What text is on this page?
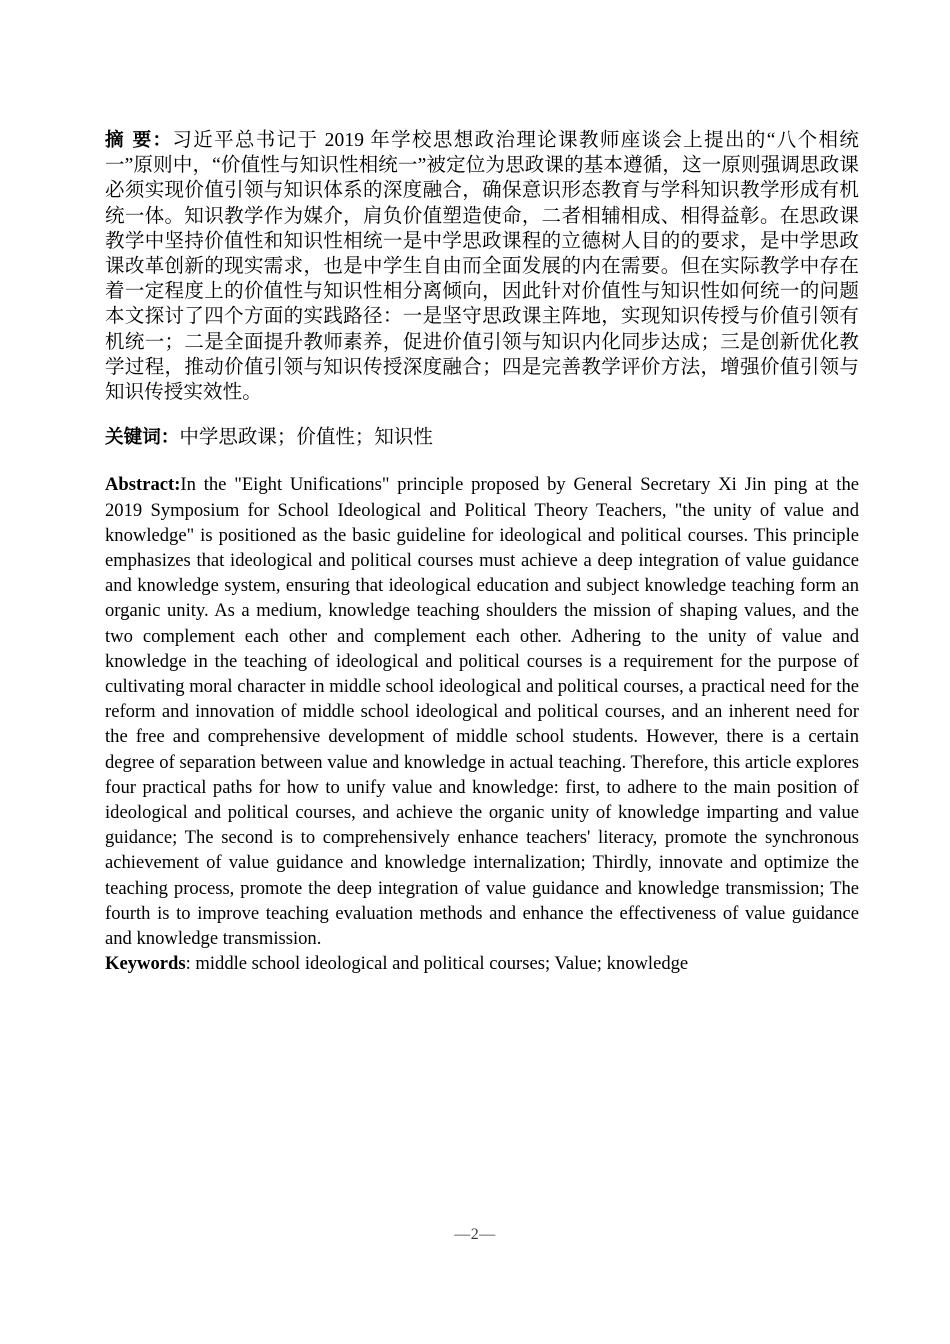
摘 要：习近平总书记于 2019 年学校思想政治理论课教师座谈会上提出的“八个相统一”原则中，“价值性与知识性相统一”被定位为思政课的基本遵循，这一原则强调思政课必须实现价值引领与知识体系的深度融合，确保意识形态教育与学科知识教学形成有机统一体。知识教学作为媒介，肩负价值塑造使命，二者相辅相成、相得益彰。在思政课教学中坚持价值性和知识性相统一是中学思政课程的立德树人目的的要求，是中学思政课改革创新的现实需求，也是中学生自由而全面发展的内在需要。但在实际教学中存在着一定程度上的价值性与知识性相分离倾向，因此针对价值性与知识性如何统一的问题本文探讨了四个方面的实践路径：一是坚守思政课主阵地，实现知识传授与价值引领有机统一；二是全面提升教师素养，促进价值引领与知识内化同步达成；三是创新优化教学过程，推动价值引领与知识传授深度融合；四是完善教学评价方法，增强价值引领与知识传授实效性。

关键词：中学思政课；价值性；知识性

Abstract:In the "Eight Unifications" principle proposed by General Secretary Xi Jin ping at the 2019 Symposium for School Ideological and Political Theory Teachers, "the unity of value and knowledge" is positioned as the basic guideline for ideological and political courses. This principle emphasizes that ideological and political courses must achieve a deep integration of value guidance and knowledge system, ensuring that ideological education and subject knowledge teaching form an organic unity. As a medium, knowledge teaching shoulders the mission of shaping values, and the two complement each other and complement each other. Adhering to the unity of value and knowledge in the teaching of ideological and political courses is a requirement for the purpose of cultivating moral character in middle school ideological and political courses, a practical need for the reform and innovation of middle school ideological and political courses, and an inherent need for the free and comprehensive development of middle school students. However, there is a certain degree of separation between value and knowledge in actual teaching. Therefore, this article explores four practical paths for how to unify value and knowledge: first, to adhere to the main position of ideological and political courses, and achieve the organic unity of knowledge imparting and value guidance; The second is to comprehensively enhance teachers' literacy, promote the synchronous achievement of value guidance and knowledge internalization; Thirdly, innovate and optimize the teaching process, promote the deep integration of value guidance and knowledge transmission; The fourth is to improve teaching evaluation methods and enhance the effectiveness of value guidance and knowledge transmission.

Keywords: middle school ideological and political courses; Value; knowledge

—2—
